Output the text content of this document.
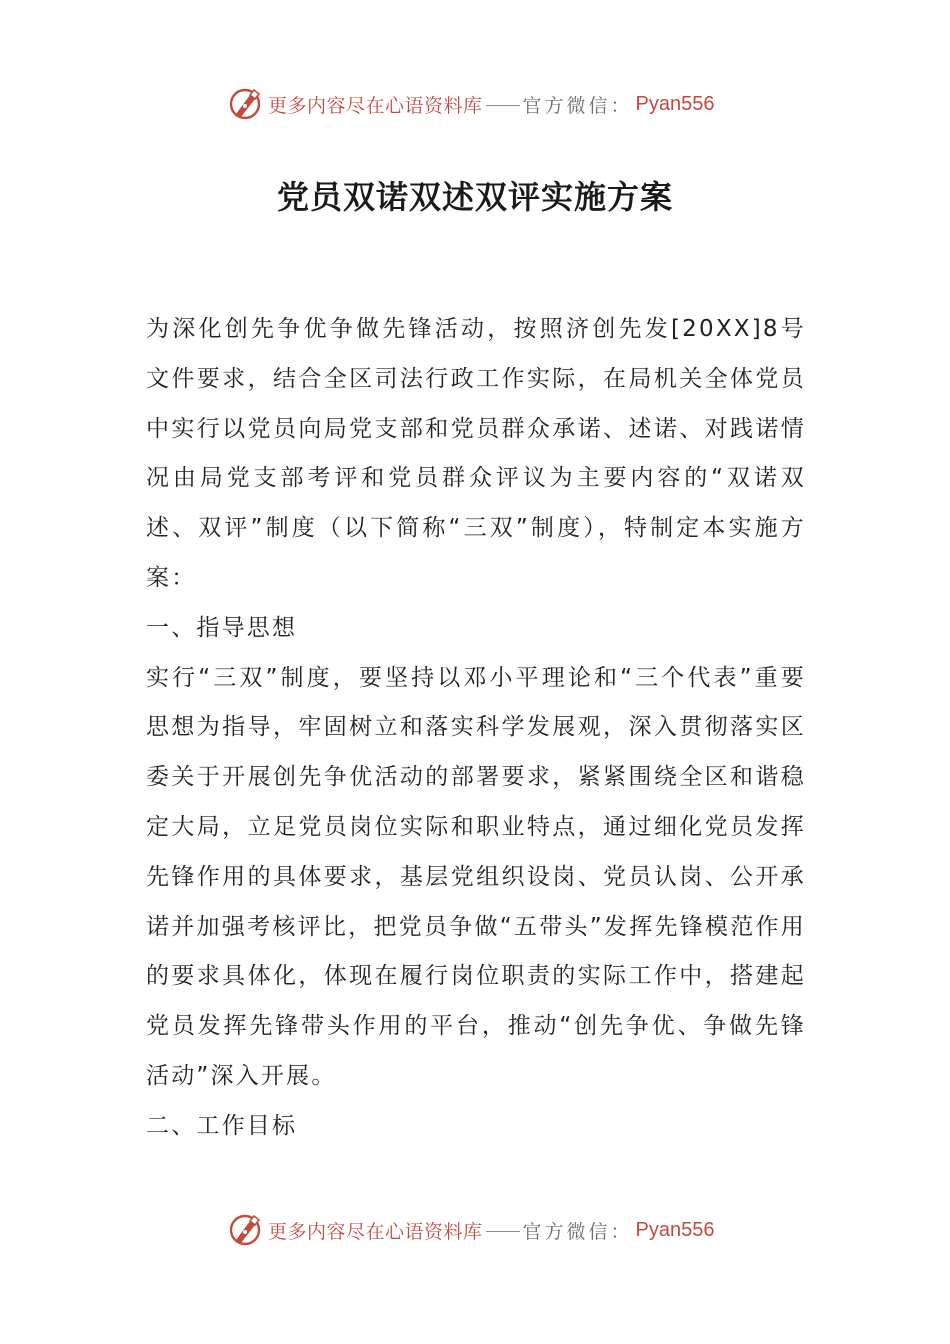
更多内容尽在心语资料库 官方微信 ： Pyan556
党员双诺双述双评实施方案

为深化创先争优争做先锋活动，按照济创先发[20XX]8号文件要求，结合全区司法行政工作实际，在局机关全体党员中实行以党员向局党支部和党员群众承诺、述诺、对践诺情况由局党支部考评和党员群众评议为主要内容的“双诺双述、双评”制度（以下简称“三双”制度），特制定本实施方案：

一、指导思想

实行“三双”制度，要坚持以邓小平理论和“三个代表”重要思想为指导，牢固树立和落实科学发展观，深入贯彻落实区委关于开展创先争优活动的部署要求，紧紧围绕全区和谐稳定大局，立足党员岗位实际和职业特点，通过细化党员发挥先锋作用的具体要求，基层党组织设岗、党员认岗、公开承诺并加强考核评比，把党员争做“五带头”发挥先锋模范作用的要求具体化，体现在履行岗位职责的实际工作中，搭建起党员发挥先锋带头作用的平台，推动“创先争优、争做先锋活动”深入开展。

二、工作目标

更多内容尽在心语资料库 官方微信 ： Pyan556
